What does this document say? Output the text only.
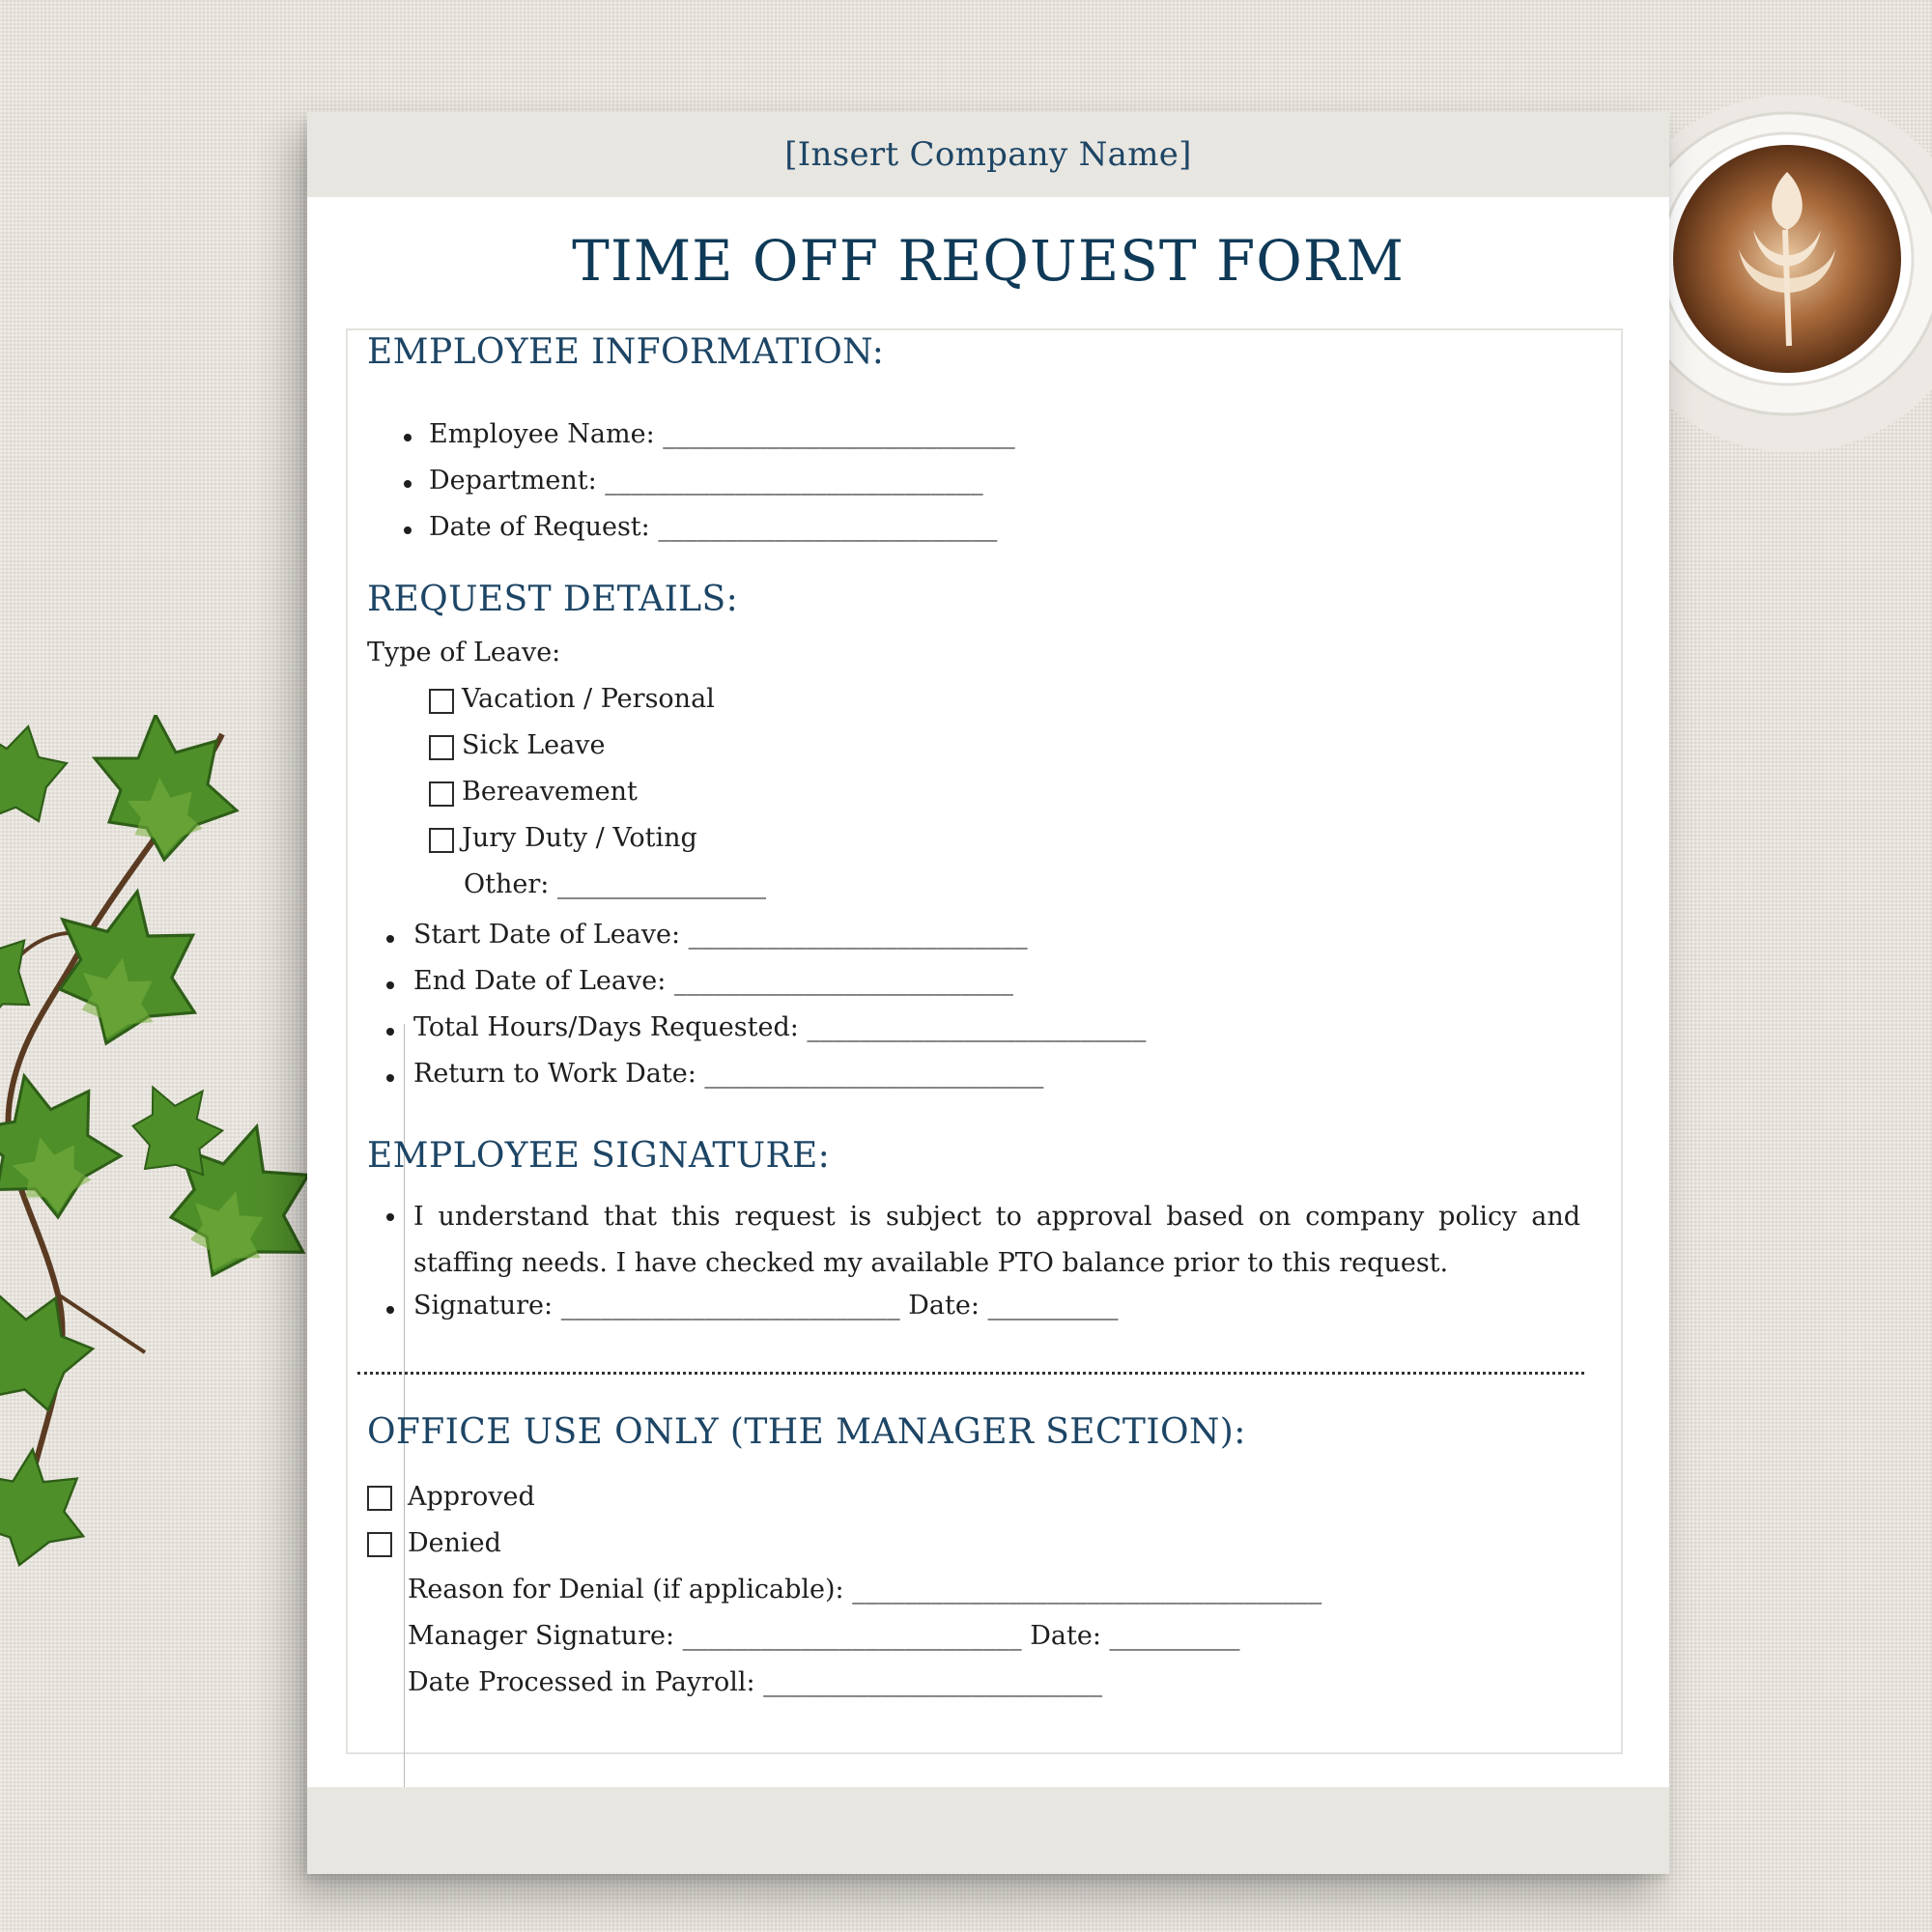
[Insert Company Name]
TIME OFF REQUEST FORM
EMPLOYEE INFORMATION:
Employee Name: ___________________________
Department: _____________________________
Date of Request: __________________________
REQUEST DETAILS:
Type of Leave:
Vacation / Personal
Sick Leave
Bereavement
Jury Duty / Voting
Other: ________________
Start Date of Leave: __________________________
End Date of Leave: __________________________
Total Hours/Days Requested: __________________________
Return to Work Date: __________________________
EMPLOYEE SIGNATURE:
I understand that this request is subject to approval based on company policy and staffing needs. I have checked my available PTO balance prior to this request.
Signature: __________________________ Date: __________
OFFICE USE ONLY (THE MANAGER SECTION):
Approved
Denied
Reason for Denial (if applicable): ____________________________________
Manager Signature: __________________________ Date: __________
Date Processed in Payroll: __________________________
